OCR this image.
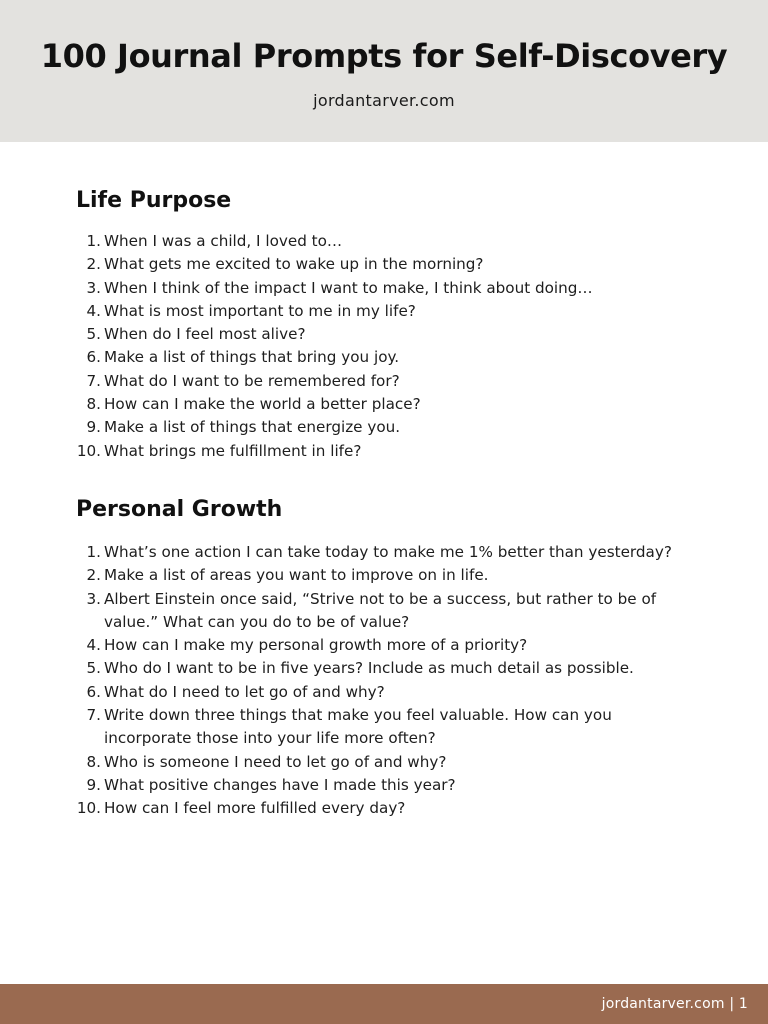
100 Journal Prompts for Self-Discovery
jordantarver.com
Life Purpose
1. When I was a child, I loved to…
2. What gets me excited to wake up in the morning?
3. When I think of the impact I want to make, I think about doing…
4. What is most important to me in my life?
5. When do I feel most alive?
6. Make a list of things that bring you joy.
7. What do I want to be remembered for?
8. How can I make the world a better place?
9. Make a list of things that energize you.
10. What brings me fulfillment in life?
Personal Growth
1. What’s one action I can take today to make me 1% better than yesterday?
2. Make a list of areas you want to improve on in life.
3. Albert Einstein once said, “Strive not to be a success, but rather to be of value.” What can you do to be of value?
4. How can I make my personal growth more of a priority?
5. Who do I want to be in five years? Include as much detail as possible.
6. What do I need to let go of and why?
7. Write down three things that make you feel valuable. How can you incorporate those into your life more often?
8. Who is someone I need to let go of and why?
9. What positive changes have I made this year?
10. How can I feel more fulfilled every day?
jordantarver.com | 1
